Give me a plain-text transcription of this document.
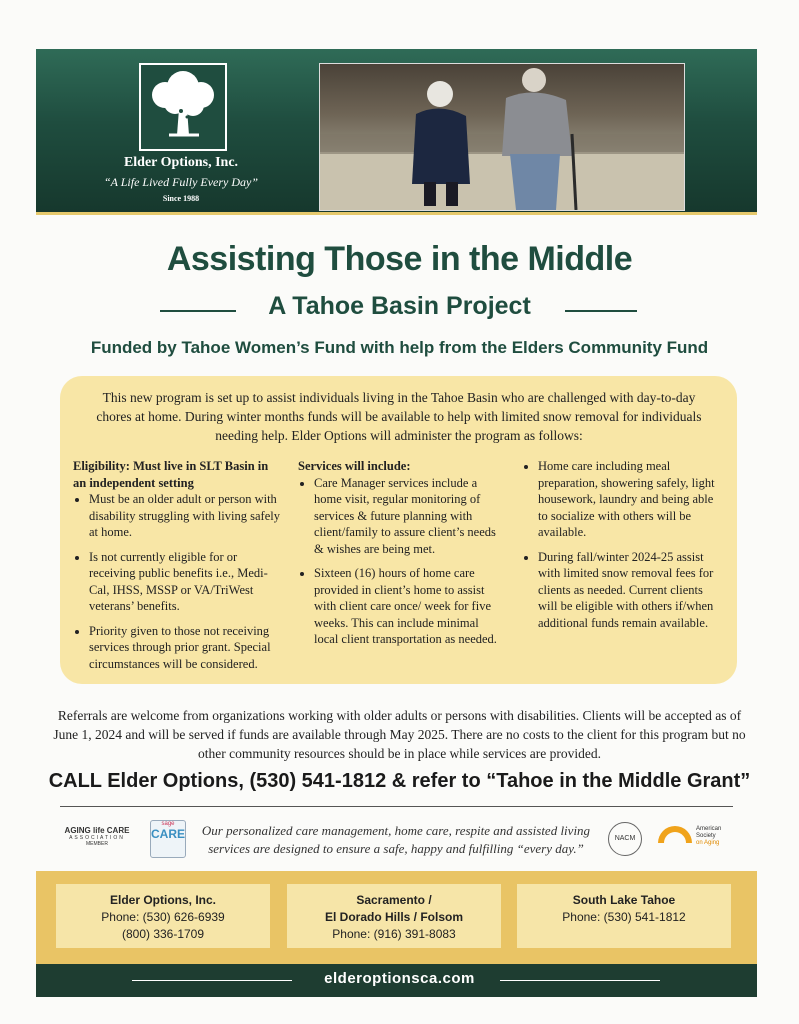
Elder Options, Inc.
“A Life Lived Fully Every Day”
Since 1988
Assisting Those in the Middle
A Tahoe Basin Project
Funded by Tahoe Women’s Fund with help from the Elders Community Fund
This new program is set up to assist individuals living in the Tahoe Basin who are challenged with day-to-day chores at home. During winter months funds will be available to help with limited snow removal for individuals needing help. Elder Options will administer the program as follows:
Eligibility: Must live in SLT Basin in an independent setting
• Must be an older adult or person with disability struggling with living safely at home.
• Is not currently eligible for or receiving public benefits i.e., Medi-Cal, IHSS, MSSP or VA/TriWest veterans’ benefits.
• Priority given to those not receiving services through prior grant. Special circumstances will be considered.
Services will include:
• Care Manager services include a home visit, regular monitoring of services & future planning with client/family to assure client’s needs & wishes are being met.
• Sixteen (16) hours of home care provided in client’s home to assist with client care once/ week for five weeks. This can include minimal local client transportation as needed.
• Home care including meal preparation, showering safely, light housework, laundry and being able to socialize with others will be available.
• During fall/winter 2024-25 assist with limited snow removal fees for clients as needed. Current clients will be eligible with others if/when additional funds remain available.
Referrals are welcome from organizations working with older adults or persons with disabilities. Clients will be accepted as of June 1, 2024 and will be served if funds are available through May 2025. There are no costs to the client for this program but no other community resources should be in place while services are provided.
CALL Elder Options, (530) 541-1812 & refer to “Tahoe in the Middle Grant”
AGING life CARE
ASSOCIATION
MEMBER
sage
CARE	Our personalized care management, home care, respite and assisted living
services are designed to ensure a safe, happy and fulfilling “every day.”
NACM
American
Society
on Aging
Elder Options, Inc.
Phone: (530) 626-6939
(800) 336-1709
Sacramento /
El Dorado Hills / Folsom
Phone: (916) 391-8083
South Lake Tahoe
Phone: (530) 541-1812
elderoptionsca.com
